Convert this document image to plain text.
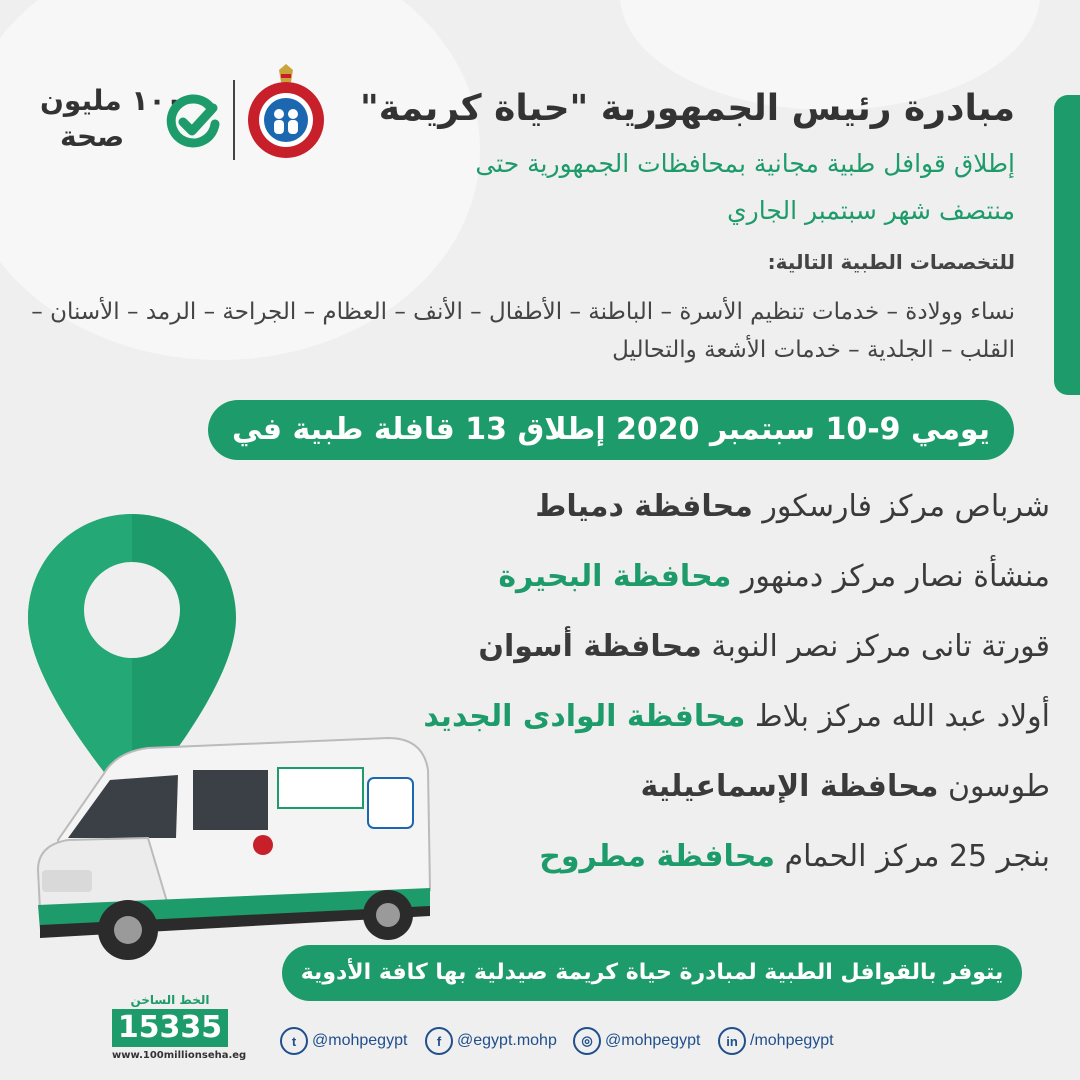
١٠٠ مليون
صحة
مبادرة رئيس الجمهورية "حياة كريمة"
إطلاق قوافل طبية مجانية بمحافظات الجمهورية حتى منتصف شهر سبتمبر الجاري
للتخصصات الطبية التالية:
نساء وولادة – خدمات تنظيم الأسرة – الباطنة – الأطفال – الأنف – العظام – الجراحة – الرمد – الأسنان – القلب – الجلدية – خدمات الأشعة والتحاليل
يومي 9-10 سبتمبر 2020 إطلاق 13 قافلة طبية في
شرباص مركز فارسكور محافظة دمياط
منشأة نصار مركز دمنهور محافظة البحيرة
قورتة تانى مركز نصر النوبة محافظة أسوان
أولاد عبد الله مركز بلاط محافظة الوادى الجديد
طوسون محافظة الإسماعيلية
بنجر 25 مركز الحمام محافظة مطروح
يتوفر بالقوافل الطبية لمبادرة حياة كريمة صيدلية بها كافة الأدوية
الخط الساخن
15335
www.100millionseha.eg
t @mohpegypt	f @egypt.mohp	◎ @mohpegypt	in /mohpegypt
